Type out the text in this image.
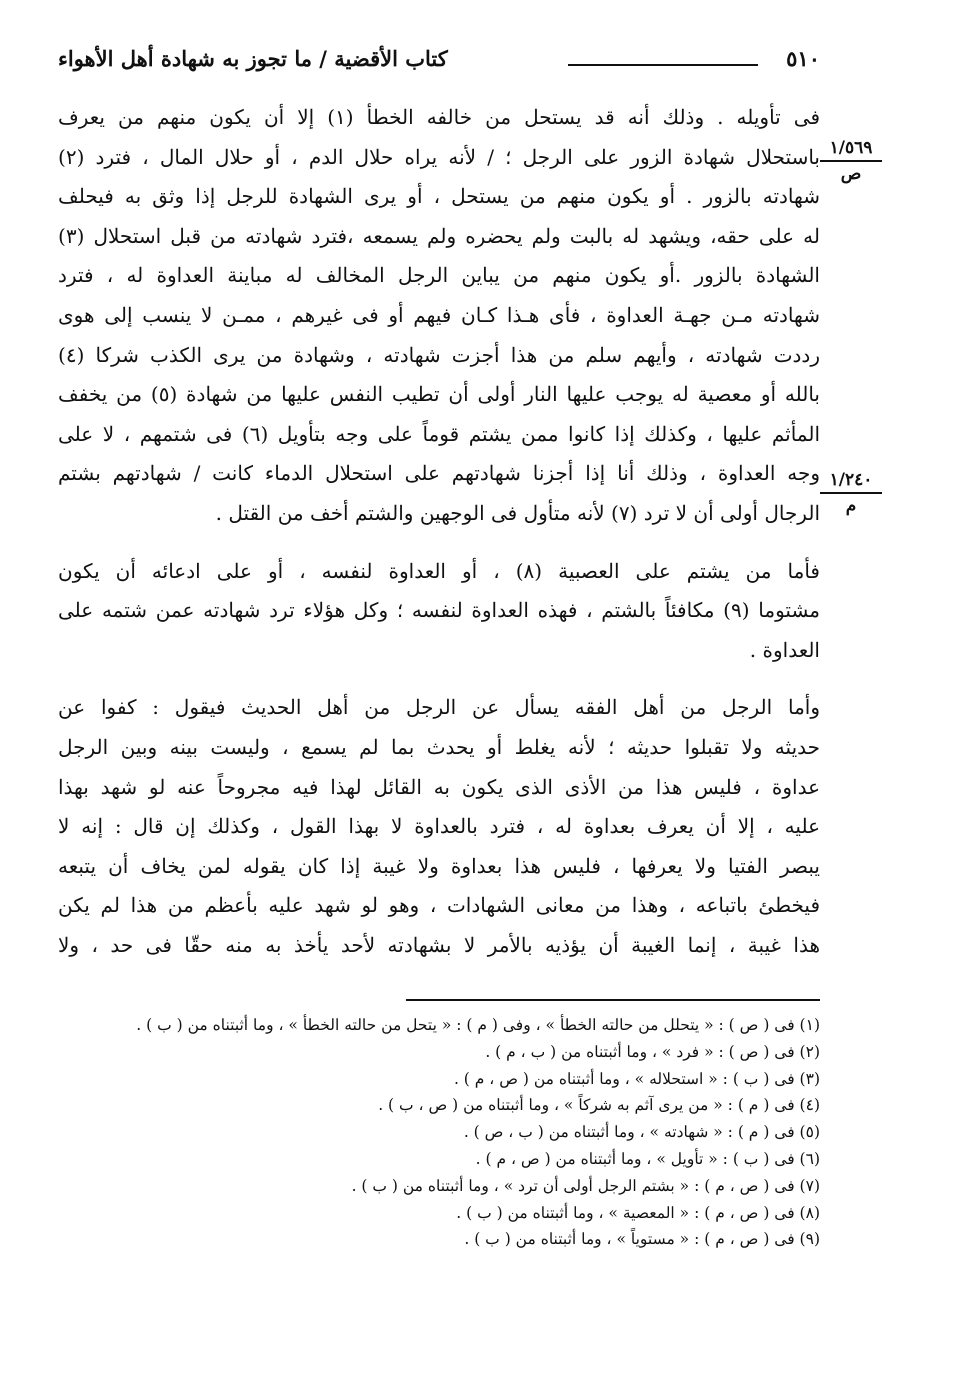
٥١٠
كتاب الأقضية / ما تجوز به شهادة أهل الأهواء
١/٥٦٩
ص
١/٢٤٠
م
فى تأويله . وذلك أنه قد يستحل من خالفه الخطأ (١) إلا أن يكون منهم من يعرف
باستحلال شهادة الزور على الرجل ؛ / لأنه يراه حلال الدم ، أو حلال المال ، فترد (٢)
شهادته بالزور . أو يكون منهم من يستحل ، أو يرى الشهادة للرجل إذا وثق به فيحلف
له على حقه، ويشهد له بالبت ولم يحضره ولم يسمعه ،فترد شهادته من قبل استحلال (٣)
الشهادة بالزور .أو يكون منهم من يباين الرجل المخالف له مباينة العداوة له ، فترد
شهادته مـن جهـة العداوة ، فأى هـذا كـان فيهم أو فى غيرهم ، ممـن لا ينسب إلى هوى
رددت شهادته ، وأيهم سلم من هذا أجزت شهادته ، وشهادة من يرى الكذب شركا (٤)
بالله أو معصية له يوجب عليها النار أولى أن تطيب النفس عليها من شهادة (٥) من يخفف
المأثم عليها ، وكذلك إذا كانوا ممن يشتم قوماً على وجه بتأويل (٦) فى شتمهم ، لا على
وجه العداوة ، وذلك أنا إذا أجزنا شهادتهم على استحلال الدماء كانت / شهادتهم بشتم
الرجال أولى أن لا ترد (٧) لأنه متأول فى الوجهين والشتم أخف من القتل .
فأما من يشتم على العصبية (٨) ، أو العداوة لنفسه ، أو على ادعائه أن يكون
مشتوما (٩) مكافئاً بالشتم ، فهذه العداوة لنفسه ؛ وكل هؤلاء ترد شهادته عمن شتمه على
العداوة .
وأما الرجل من أهل الفقه يسأل عن الرجل من أهل الحديث فيقول : كفوا عن
حديثه ولا تقبلوا حديثه ؛ لأنه يغلط أو يحدث بما لم يسمع ، وليست بينه وبين الرجل
عداوة ، فليس هذا من الأذى الذى يكون به القائل لهذا فيه مجروحاً عنه لو شهد بهذا
عليه ، إلا أن يعرف بعداوة له ، فترد بالعداوة لا بهذا القول ، وكذلك إن قال : إنه لا
يبصر الفتيا ولا يعرفها ، فليس هذا بعداوة ولا غيبة إذا كان يقوله لمن يخاف أن يتبعه
فيخطئ باتباعه ، وهذا من معانى الشهادات ، وهو لو شهد عليه بأعظم من هذا لم يكن
هذا غيبة ، إنما الغيبة أن يؤذيه بالأمر لا بشهادته لأحد يأخذ به منه حقّا فى حد ، ولا
(١) فى ( ص ) : « يتحلل من حالته الخطأ » ، وفى ( م ) : « يتحل من حالته الخطأ » ، وما أثبتناه من ( ب ) .
(٢) فى ( ص ) : « فرد » ، وما أثبتناه من ( ب ، م ) .
(٣) فى ( ب ) : « استحلاله » ، وما أثبتناه من ( ص ، م ) .
(٤) فى ( م ) : « من يرى آثم به شركاً » ، وما أثبتناه من ( ص ، ب ) .
(٥) فى ( م ) : « شهادته » ، وما أثبتناه من ( ب ، ص ) .
(٦) فى ( ب ) : « تأويل » ، وما أثبتناه من ( ص ، م ) .
(٧) فى ( ص ، م ) : « بشتم الرجل أولى أن ترد » ، وما أثبتناه من ( ب ) .
(٨) فى ( ص ، م ) : « المعصية » ، وما أثبتناه من ( ب ) .
(٩) فى ( ص ، م ) : « مستوياً » ، وما أثبتناه من ( ب ) .
